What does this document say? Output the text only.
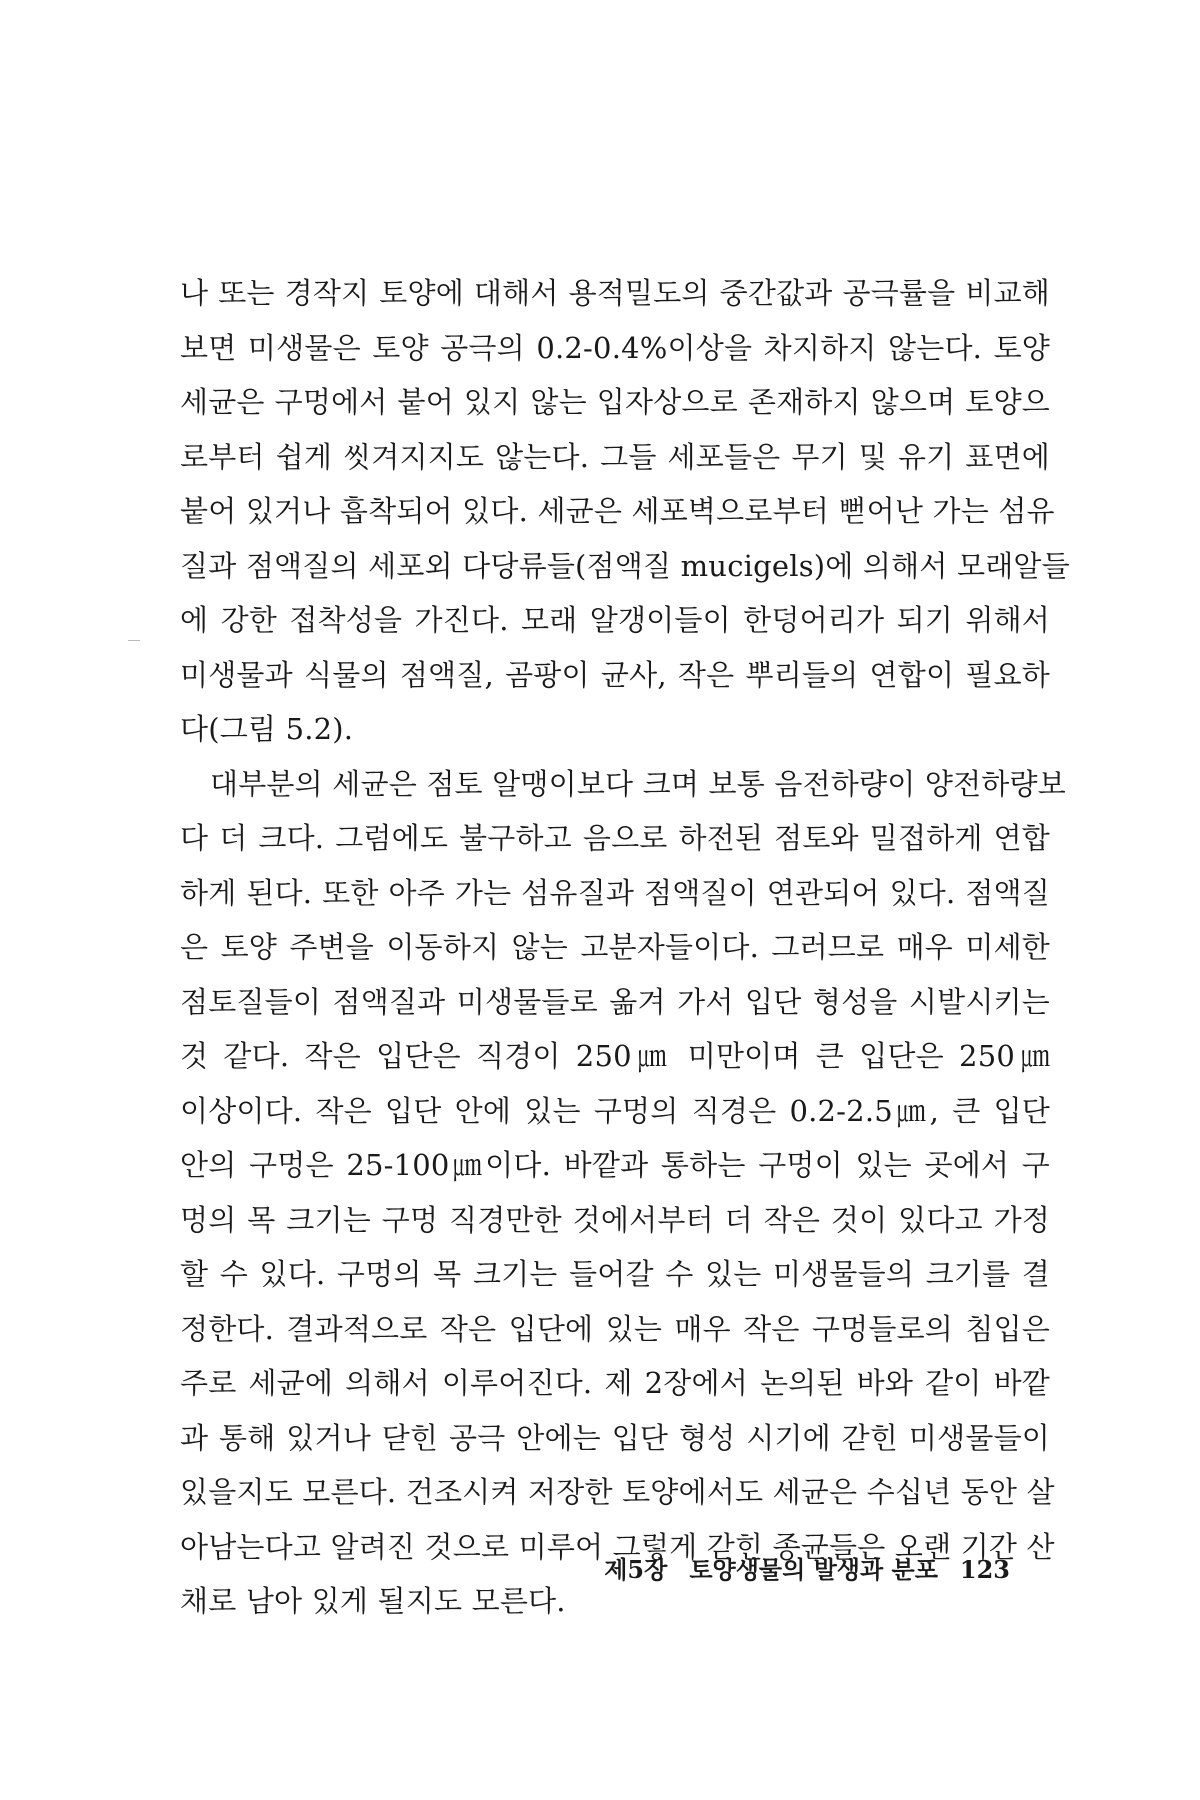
나 또는 경작지 토양에 대해서 용적밀도의 중간값과 공극률을 비교해
보면 미생물은 토양 공극의 0.2-0.4%이상을 차지하지 않는다. 토양
세균은 구멍에서 붙어 있지 않는 입자상으로 존재하지 않으며 토양으
로부터 쉽게 씻겨지지도 않는다. 그들 세포들은 무기 및 유기 표면에
붙어 있거나 흡착되어 있다. 세균은 세포벽으로부터 뻗어난 가는 섬유
질과 점액질의 세포외 다당류들(점액질 mucigels)에 의해서 모래알들
에 강한 접착성을 가진다. 모래 알갱이들이 한덩어리가 되기 위해서
미생물과 식물의 점액질, 곰팡이 균사, 작은 뿌리들의 연합이 필요하
다(그림 5.2).
대부분의 세균은 점토 알맹이보다 크며 보통 음전하량이 양전하량보
다 더 크다. 그럼에도 불구하고 음으로 하전된 점토와 밀접하게 연합
하게 된다. 또한 아주 가는 섬유질과 점액질이 연관되어 있다. 점액질
은 토양 주변을 이동하지 않는 고분자들이다. 그러므로 매우 미세한
점토질들이 점액질과 미생물들로 옮겨 가서 입단 형성을 시발시키는
것 같다. 작은 입단은 직경이 250㎛ 미만이며 큰 입단은 250㎛
이상이다. 작은 입단 안에 있는 구멍의 직경은 0.2-2.5㎛, 큰 입단
안의 구멍은 25-100㎛이다. 바깥과 통하는 구멍이 있는 곳에서 구
멍의 목 크기는 구멍 직경만한 것에서부터 더 작은 것이 있다고 가정
할 수 있다. 구멍의 목 크기는 들어갈 수 있는 미생물들의 크기를 결
정한다. 결과적으로 작은 입단에 있는 매우 작은 구멍들로의 침입은
주로 세균에 의해서 이루어진다. 제 2장에서 논의된 바와 같이 바깥
과 통해 있거나 닫힌 공극 안에는 입단 형성 시기에 갇힌 미생물들이
있을지도 모른다. 건조시켜 저장한 토양에서도 세균은 수십년 동안 살
아남는다고 알려진 것으로 미루어 그렇게 갇힌 종균들은 오랜 기간 산
채로 남아 있게 될지도 모른다.
제5장 토양생물의 발생과 분포 123
